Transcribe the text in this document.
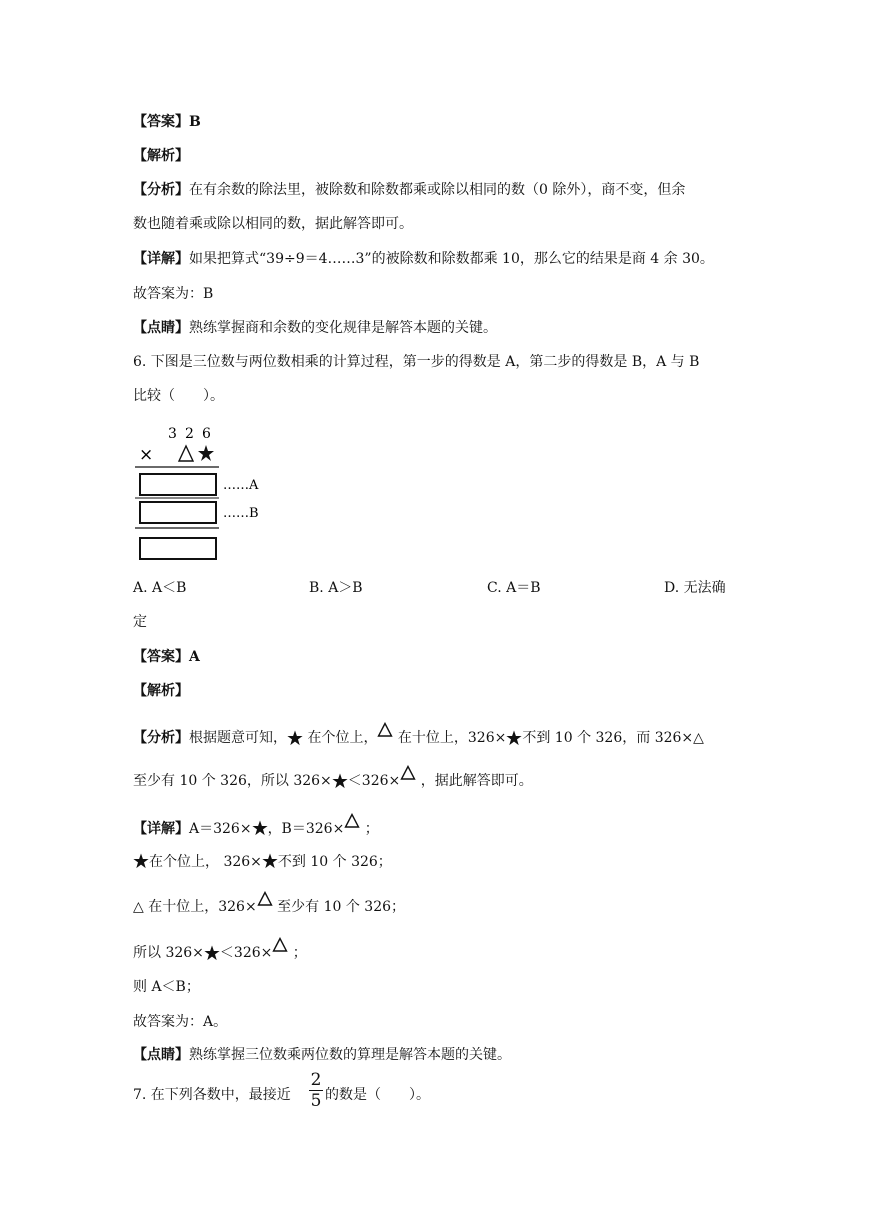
【答案】B
【解析】
【分析】在有余数的除法里，被除数和除数都乘或除以相同的数（0 除外），商不变，但余
数也随着乘或除以相同的数，据此解答即可。
【详解】如果把算式“39÷9＝4……3”的被除数和除数都乘 10，那么它的结果是商 4 余 30。
故答案为：B
【点睛】熟练掌握商和余数的变化规律是解答本题的关键。
6. 下图是三位数与两位数相乘的计算过程，第一步的得数是 A，第二步的得数是 B，A 与 B
比较（　　）。
3 2 6
×
……A
……B
A. A＜B	B. A＞B	C. A＝B	D. 无法确
定
【答案】A
【解析】
【分析】根据题意可知， 在个位上， 在十位上，326× 不到 10 个 326，而 326×△
至少有 10 个 326，所以 326× ＜326× ，据此解答即可。
【详解】A＝326× ，B＝326× ；
在个位上， 326× 不到 10 个 326；
△ 在十位上，326× 至少有 10 个 326；
所以 326× ＜326× ；
则 A＜B；
故答案为：A。
【点睛】熟练掌握三位数乘两位数的算理是解答本题的关键。
7. 在下列各数中，最接近
2
5 的数是（　　）。
